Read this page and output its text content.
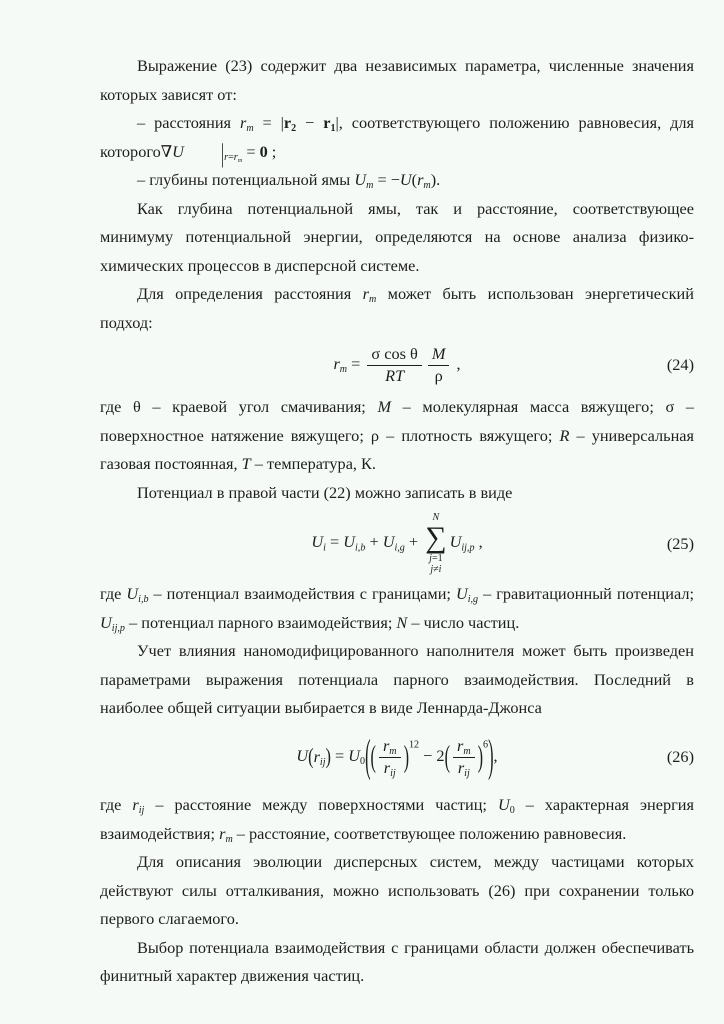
Выражение (23) содержит два независимых параметра, численные значения которых зависят от:

– расстояния $r_m = |r_2 - r_1|$, соответствующего положению равновесия, для которого∇U $|_{r=r_m} = 0$ ;

– глубины потенциальной ямы $U_m = -U(r_m)$.

Как глубина потенциальной ямы, так и расстояние, соответствующее минимуму потенциальной энергии, определяются на основе анализа физико-химических процессов в дисперсной системе.

Для определения расстояния $r_m$ может быть использован энергетический подход:

$r_m = \frac{\text{σ cos θ}}{RT} \frac{M}{\rho}$ ,	(24)

где θ – краевой угол смачивания; M – молекулярная масса вяжущего; σ – поверхностное натяжение вяжущего; ρ – плотность вяжущего; R – универсальная газовая постоянная, T – температура, К.

Потенциал в правой части (22) можно записать в виде

$U_i = U_{i,b} + U_{i,g}$ +
N
∑
j=1
j≠i
$U_{ij,p}$ ,	(25)

где $U_{i,b}$ – потенциал взаимодействия с границами; $U_{i,g}$ – гравитационный потенциал; $U_{ij,p}$ – потенциал парного взаимодействия; N – число частиц.

Учет влияния наномодифицированного наполнителя может быть произведен параметрами выражения потенциала парного взаимодействия. Последний в наиболее общей ситуации выбирается в виде Леннарда-Джонса

U ( $r_{ij}$ ) = $U_0$ ( ( $\frac{r_m}{r_{ij}}$ ) $^{12}$ − 2 ( $\frac{r_m}{r_{ij}}$ ) $^6$ ) ,	(26)

где $r_{ij}$ – расстояние между поверхностями частиц; $U_0$ – характерная энергия взаимодействия; $r_m$ – расстояние, соответствующее положению равновесия.

Для описания эволюции дисперсных систем, между частицами которых действуют силы отталкивания, можно использовать (26) при сохранении только первого слагаемого.

Выбор потенциала взаимодействия с границами области должен обеспечивать финитный характер движения частиц.
